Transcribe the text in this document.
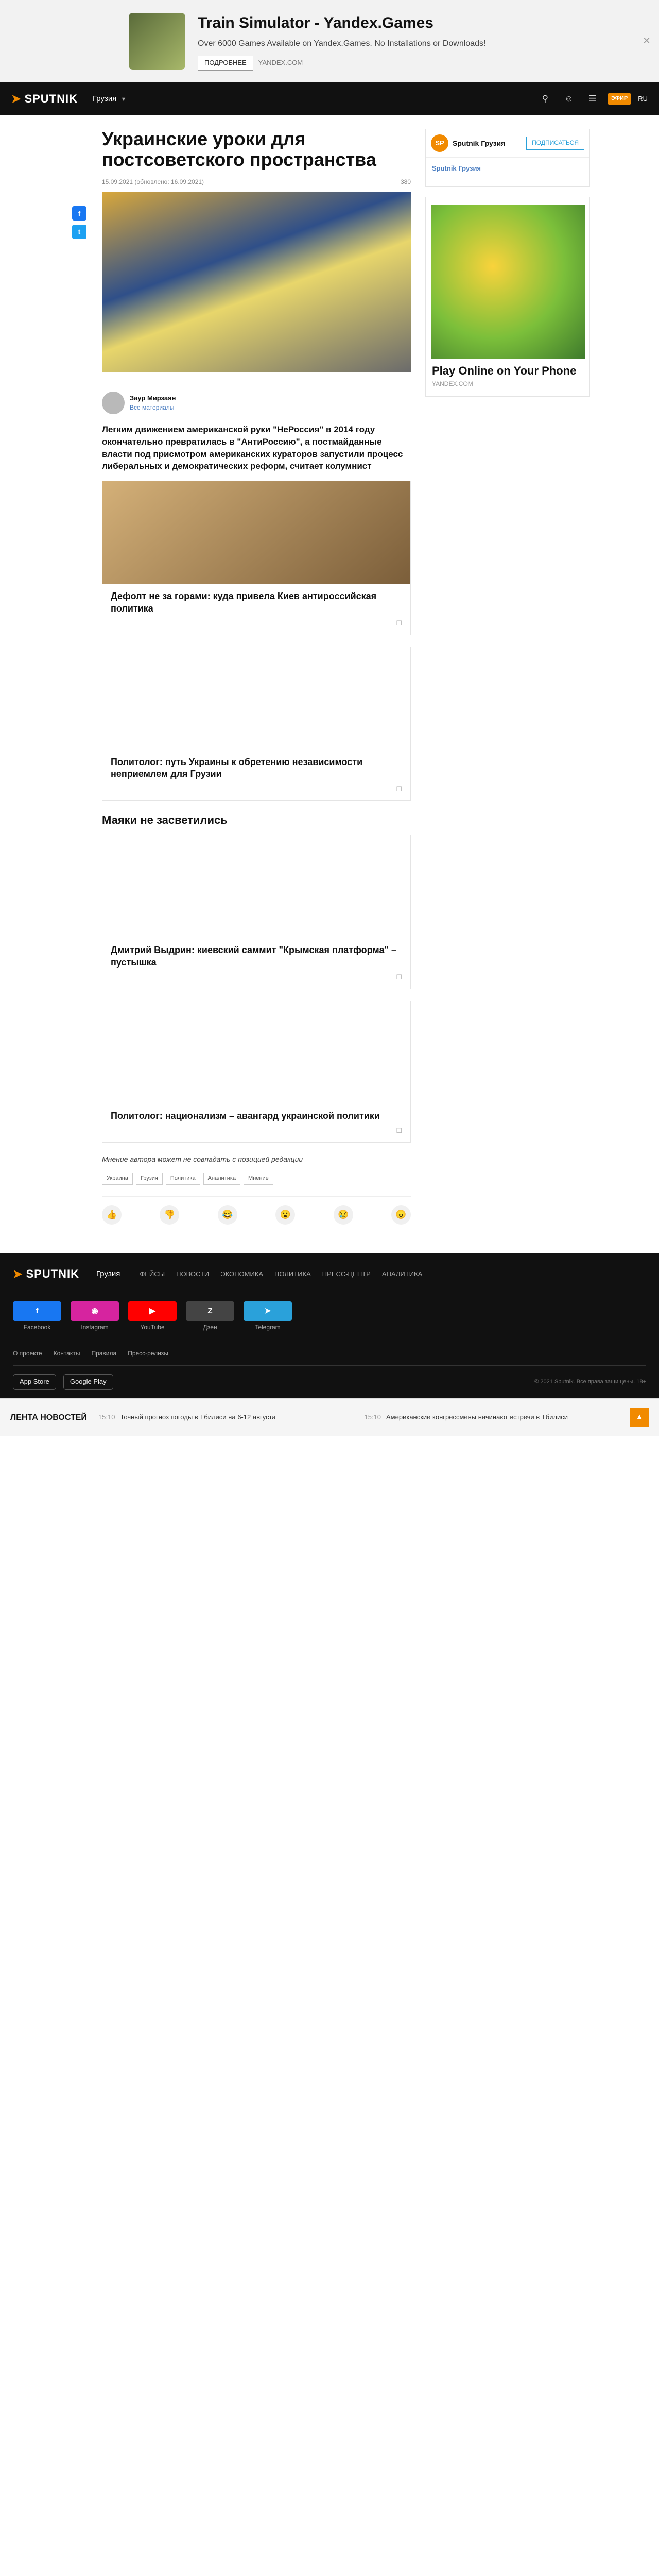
Train Simulator - Yandex.Games
Over 6000 Games Available on Yandex.Games. No Installations or Downloads!
ПОДРОБНЕЕ	YANDEX.COM
✕
➤ SPUTNIK	Грузия ▼	⚲	☺	☰	ЭФИР	RU
f
t
Украинские уроки для постсоветского пространства
15.09.2021 (обновлено: 16.09.2021)	380

Заур Мирзаян
Все материалы
Легким движением американской руки "НеРоссия" в 2014 году окончательно превратилась в "АнтиРоссию", а постмайданные власти под присмотром американских кураторов запустили процесс либеральных и демократических реформ, считает колумнист
Дефолт не за горами: куда привела Киев антироссийская политика
☐
Политолог: путь Украины к обретению независимости неприемлем для Грузии
☐
Маяки не засветились
Дмитрий Выдрин: киевский саммит "Крымская платформа" – пустышка
☐
Политолог: национализм – авангард украинской политики
☐
Мнение автора может не совпадать с позицией редакции
Украина	Грузия	Политика	Аналитика	Мнение
👍	👎	😂	😮	😢	😠
SP	Sputnik Грузия	ПОДПИСАТЬСЯ

Sputnik Грузия

Play Online on Your Phone
YANDEX.COM
➤ SPUTNIK	Грузия	ФЕЙСЫ НОВОСТИ ЭКОНОМИКА ПОЛИТИКА ПРЕСС-ЦЕНТР АНАЛИТИКА
f
Facebook
◉
Instagram
▶
YouTube
Z
Дзен
➤
Telegram
О проекте Контакты Правила Пресс-релизы
App Store	Google Play	© 2021 Sputnik. Все права защищены. 18+
ЛЕНТА НОВОСТЕЙ 15:10 Точный прогноз погоды в Тбилиси на 6-12 августа	15:10 Американские конгрессмены начинают встречи в Тбилиси	▲
